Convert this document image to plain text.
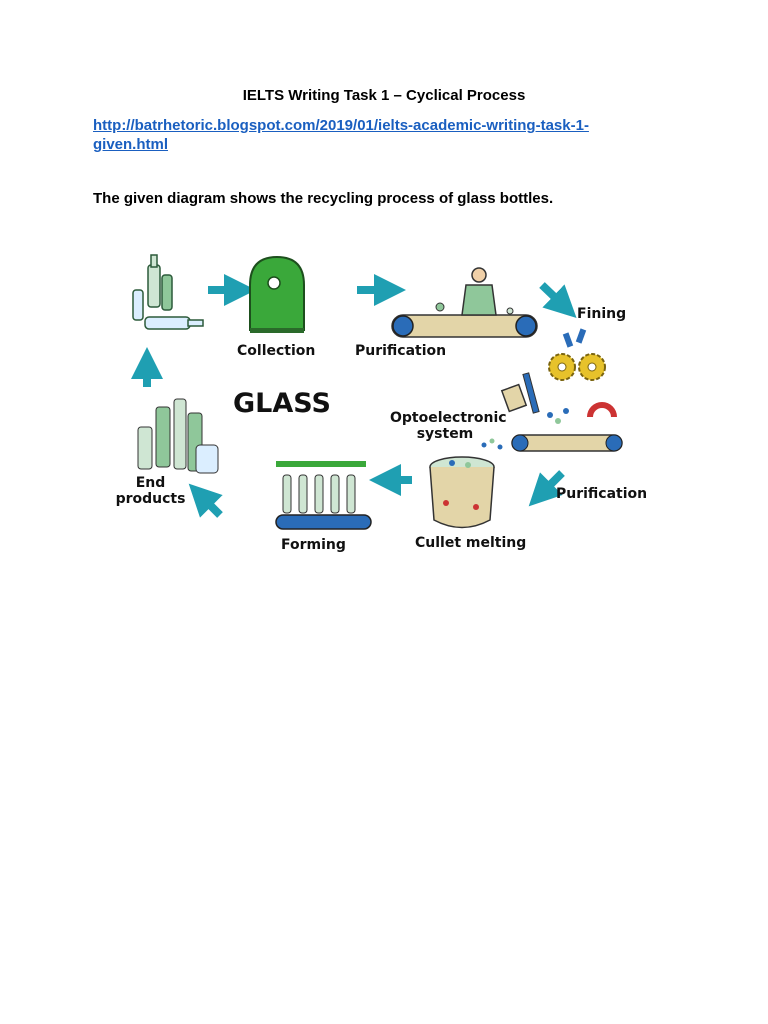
IELTS Writing Task 1 – Cyclical Process
http://batrhetoric.blogspot.com/2019/01/ielts-academic-writing-task-1-given.html
The given diagram shows the recycling process of glass bottles.
GLASS
Collection	Purification
Fining
Optoelectronic system
Purification
Cullet melting
Forming
End products
